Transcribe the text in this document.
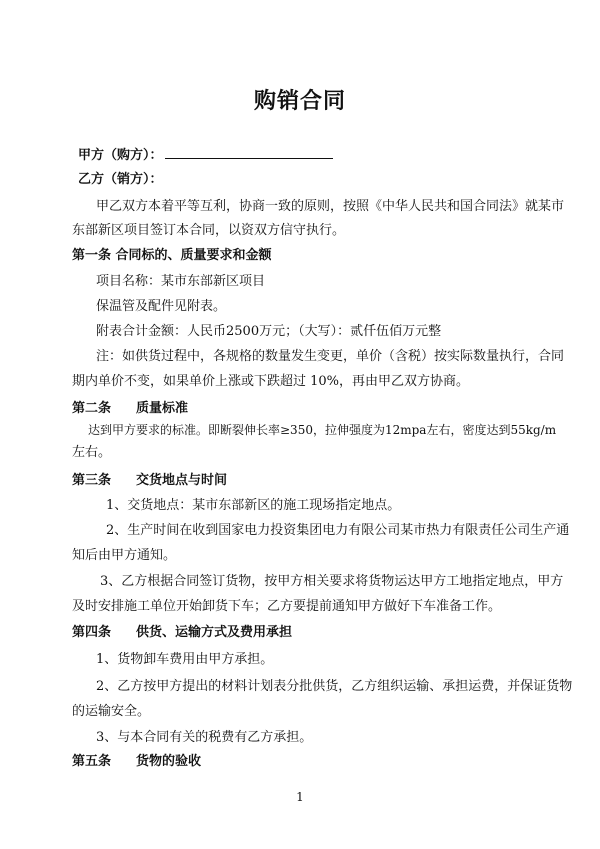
购销合同
甲方（购方）：
乙方（销方）：
甲乙双方本着平等互利，协商一致的原则，按照《中华人民共和国合同法》就某市
东部新区项目签订本合同，以资双方信守执行。
第一条 合同标的、质量要求和金额
项目名称：某市东部新区项目
保温管及配件见附表。
附表合计金额：人民币2500万元；（大写）：贰仟伍佰万元整
注：如供货过程中，各规格的数量发生变更，单价（含税）按实际数量执行，合同
期内单价不变，如果单价上涨或下跌超过 10%，再由甲乙双方协商。
第二条 质量标准
达到甲方要求的标准。即断裂伸长率≥350，拉伸强度为12mpa左右，密度达到55kg/m
左右。
第三条 交货地点与时间
1、交货地点：某市东部新区的施工现场指定地点。
2、生产时间在收到国家电力投资集团电力有限公司某市热力有限责任公司生产通
知后由甲方通知。
3、乙方根据合同签订货物，按甲方相关要求将货物运达甲方工地指定地点，甲方
及时安排施工单位开始卸货下车；乙方要提前通知甲方做好下车准备工作。
第四条 供货、运输方式及费用承担
1、货物卸车费用由甲方承担。
2、乙方按甲方提出的材料计划表分批供货，乙方组织运输、承担运费，并保证货物
的运输安全。
3、与本合同有关的税费有乙方承担。
第五条 货物的验收
1
